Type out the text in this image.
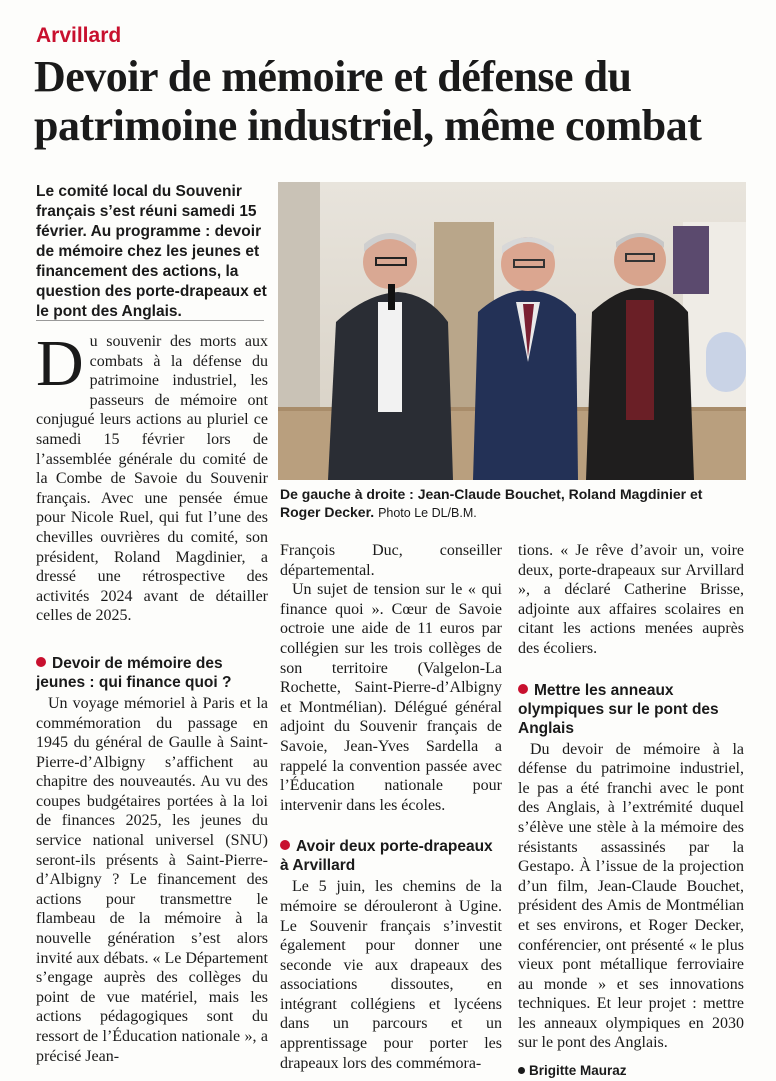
Arvillard
Devoir de mémoire et défense du patrimoine industriel, même combat

Le comité local du Souvenir français s’est réuni samedi 15 février. Au programme : devoir de mémoire chez les jeunes et financement des actions, la question des porte-drapeaux et le pont des Anglais.

De gauche à droite : Jean-Claude Bouchet, Roland Magdinier et Roger Decker. Photo Le DL/B.M.

Du souvenir des morts aux combats à la défense du patrimoine industriel, les passeurs de mémoire ont conjugué leurs actions au pluriel ce samedi 15 février lors de l’assemblée générale du comité de la Combe de Savoie du Souvenir français. Avec une pensée émue pour Nicole Ruel, qui fut l’une des chevilles ouvrières du comité, son président, Roland Magdinier, a dressé une rétrospective des activités 2024 avant de détailler celles de 2025.

Devoir de mémoire des jeunes : qui finance quoi ?

Un voyage mémoriel à Paris et la commémoration du passage en 1945 du général de Gaulle à Saint-Pierre-d’Albigny s’affichent au chapitre des nouveautés. Au vu des coupes budgétaires portées à la loi de finances 2025, les jeunes du service national universel (SNU) seront-ils présents à Saint-Pierre-d’Albigny ? Le financement des actions pour transmettre le flambeau de la mémoire à la nouvelle génération s’est alors invité aux débats. « Le Département s’engage auprès des collèges du point de vue matériel, mais les actions pédagogiques sont du ressort de l’Éducation nationale », a précisé Jean-

François Duc, conseiller départemental.

Un sujet de tension sur le « qui finance quoi ». Cœur de Savoie octroie une aide de 11 euros par collégien sur les trois collèges de son territoire (Valgelon-La Rochette, Saint-Pierre-d’Albigny et Montmélian). Délégué général adjoint du Souvenir français de Savoie, Jean-Yves Sardella a rappelé la convention passée avec l’Éducation nationale pour intervenir dans les écoles.

Avoir deux porte-drapeaux à Arvillard

Le 5 juin, les chemins de la mémoire se dérouleront à Ugine. Le Souvenir français s’investit également pour donner une seconde vie aux drapeaux des associations dissoutes, en intégrant collégiens et lycéens dans un parcours et un apprentissage pour porter les drapeaux lors des commémora-

tions. « Je rêve d’avoir un, voire deux, porte-drapeaux sur Arvillard », a déclaré Catherine Brisse, adjointe aux affaires scolaires en citant les actions menées auprès des écoliers.

Mettre les anneaux olympiques sur le pont des Anglais

Du devoir de mémoire à la défense du patrimoine industriel, le pas a été franchi avec le pont des Anglais, à l’extrémité duquel s’élève une stèle à la mémoire des résistants assassinés par la Gestapo. À l’issue de la projection d’un film, Jean-Claude Bouchet, président des Amis de Montmélian et ses environs, et Roger Decker, conférencier, ont présenté « le plus vieux pont métallique ferroviaire au monde » et ses innovations techniques. Et leur projet : mettre les anneaux olympiques en 2030 sur le pont des Anglais.

Brigitte Mauraz
